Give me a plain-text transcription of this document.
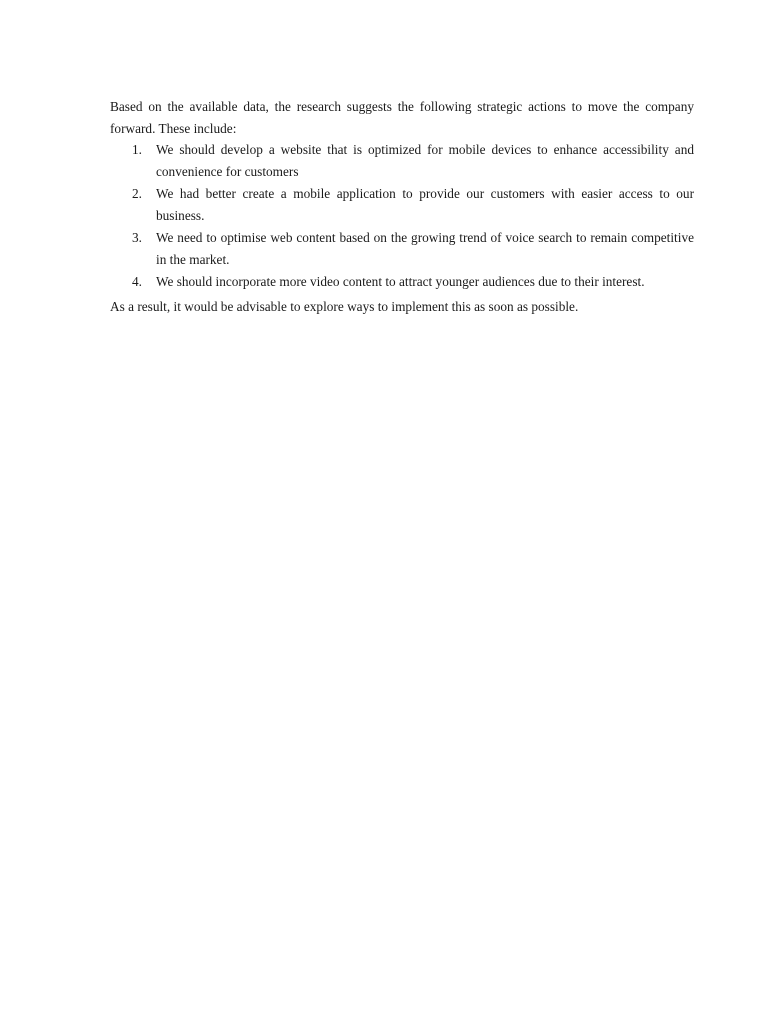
Based on the available data, the research suggests the following strategic actions to move the company forward. These include:

1. We should develop a website that is optimized for mobile devices to enhance accessibility and convenience for customers
2. We had better create a mobile application to provide our customers with easier access to our business.
3. We need to optimise web content based on the growing trend of voice search to remain competitive in the market.
4. We should incorporate more video content to attract younger audiences due to their interest.

As a result, it would be advisable to explore ways to implement this as soon as possible.
